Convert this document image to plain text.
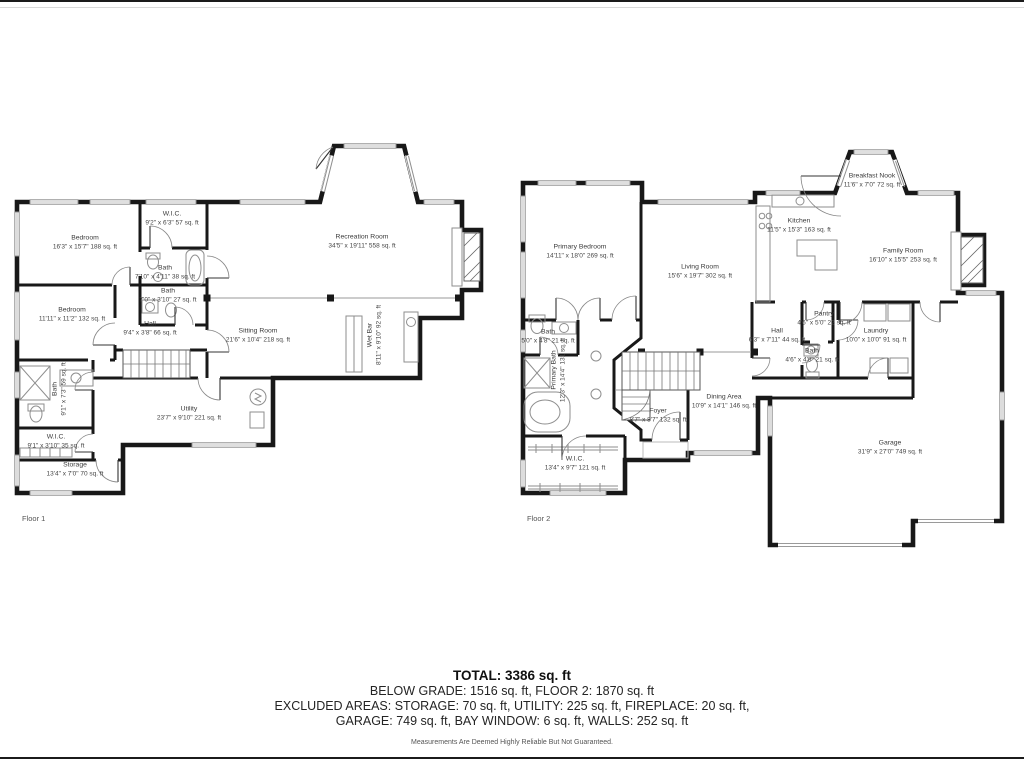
Bedroom
16'3" x 15'7" 188 sq. ft
W.I.C.
9'2" x 6'3" 57 sq. ft
Bath
7'10" x 4'11" 38 sq. ft
Bath
7'0" x 3'10" 27 sq. ft
Recreation Room
34'5" x 19'11" 558 sq. ft
Bedroom
11'11" x 11'2" 132 sq. ft
Hall
9'4" x 3'8" 66 sq. ft	Sitting Room
21'6" x 10'4" 218 sq. ft	Wet Bar 8'11" x 9'10" 92 sq. ft
Bath 9'1" x 7'3" 59 sq. ft	Utility
23'7" x 9'10" 221 sq. ft
W.I.C.
9'1" x 3'10" 35 sq. ft
Storage
13'4" x 7'0" 70 sq. ft
Primary Bedroom
14'11" x 18'0" 269 sq. ft
Living Room
15'6" x 19'7" 302 sq. ft
Breakfast Nook
11'6" x 7'0" 72 sq. ft
Kitchen
11'5" x 15'3" 163 sq. ft
Family Room
16'10" x 15'5" 253 sq. ft
Pantry
4'6" x 5'0" 22 sq. ft
Hall
6'3" x 7'11" 44 sq. ft
Laundry
10'0" x 10'0" 91 sq. ft
Bath
4'6" x 4'8" 21 sq. ft
Bath
5'0" x 4'8" 21 sq. ft
Primary Bath 12'3" x 14'4" 131 sq. ft
W.I.C.
13'4" x 9'7" 121 sq. ft
Foyer
8'7" x 8'7" 132 sq. ft
Dining Area
10'9" x 14'1" 146 sq. ft
Garage
31'9" x 27'0" 749 sq. ft
Floor 1	Floor 2
TOTAL: 3386 sq. ft
BELOW GRADE: 1516 sq. ft, FLOOR 2: 1870 sq. ft
EXCLUDED AREAS: STORAGE: 70 sq. ft, UTILITY: 225 sq. ft, FIREPLACE: 20 sq. ft,
GARAGE: 749 sq. ft, BAY WINDOW: 6 sq. ft, WALLS: 252 sq. ft
Measurements Are Deemed Highly Reliable But Not Guaranteed.
